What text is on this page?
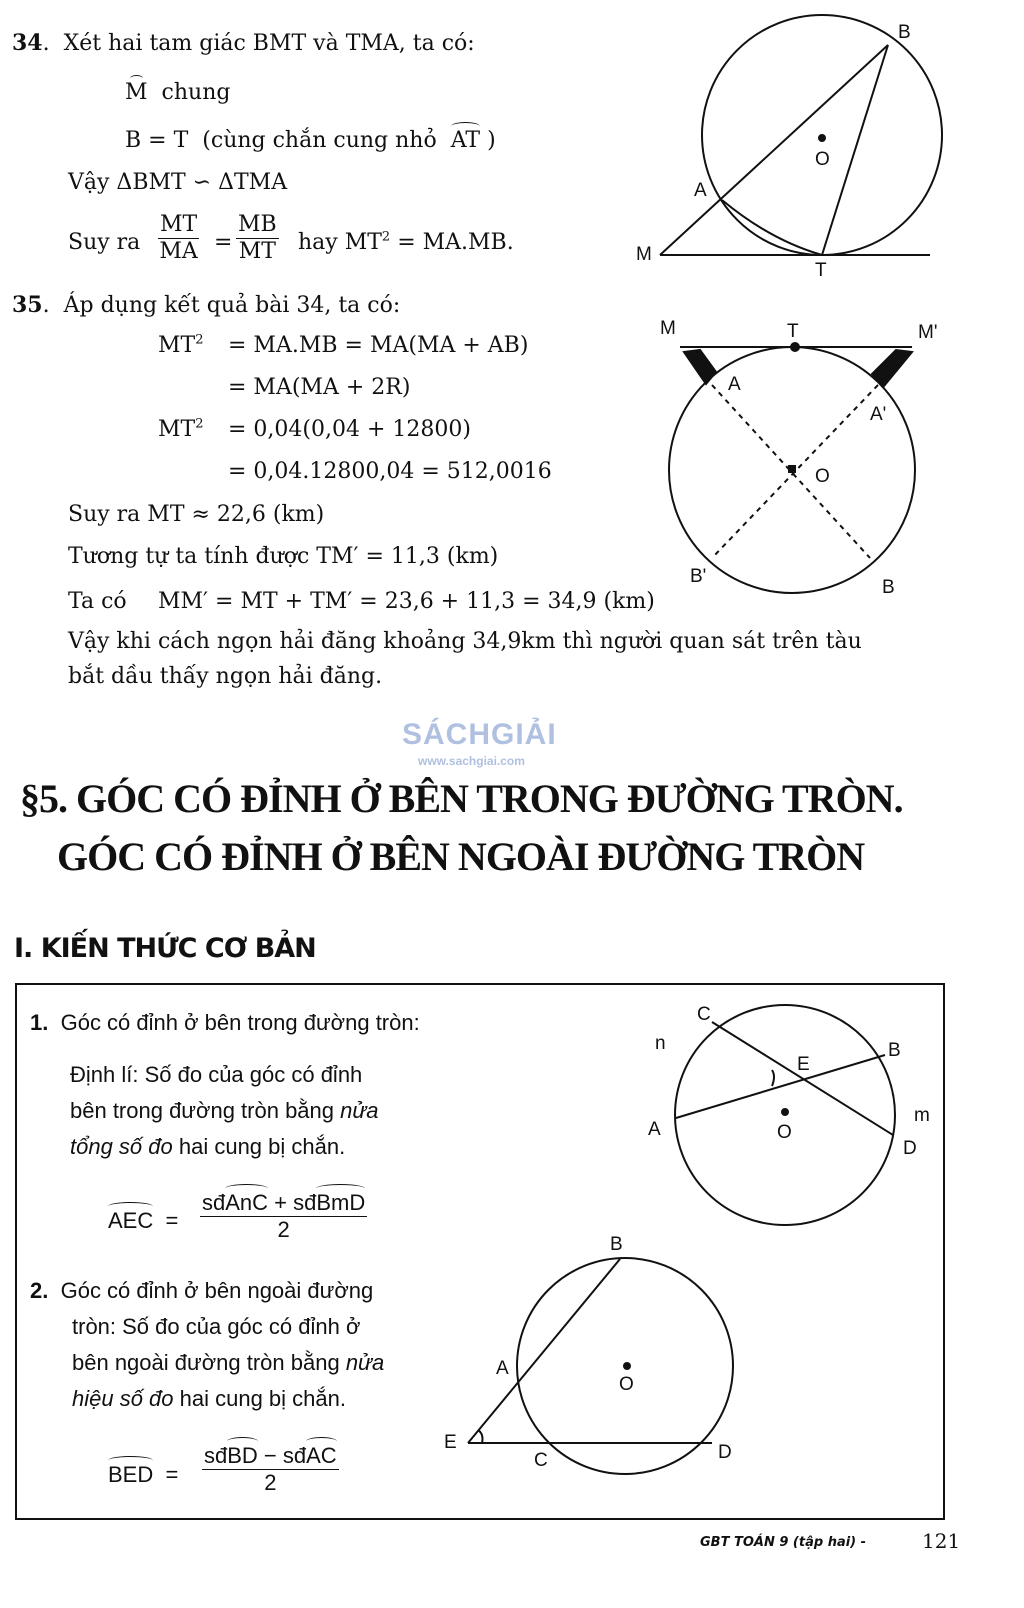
34.  Xét hai tam giác BMT và TMA, ta có:
M chung
B = T (cùng chắn cung nhỏ AT )
Vậy ΔBMT ∽ ΔTMA
Suy ra $\frac{MT}{MA} = \frac{MB}{MT}$ hay $MT^2 = MA.MB$.
35.  Áp dụng kết quả bài 34, ta có:
$MT^2 = MA.MB = MA(MA + AB)$
= MA(MA + 2R)
$MT^2 = 0,04(0,04 + 12800)$
= 0,04.12800,04 = 512,0016
Suy ra MT ≈ 22,6 (km)
Tương tự ta tính được TM′ = 11,3 (km)
Ta có MM′ = MT + TM′ = 23,6 + 11,3 = 34,9 (km)
Vậy khi cách ngọn hải đăng khoảng 34,9km thì người quan sát trên tàu
bắt dầu thấy ngọn hải đăng.
SÁCHGIẢI
www.sachgiai.com
§5. GÓC CÓ ĐỈNH Ở BÊN TRONG ĐƯỜNG TRÒN.
GÓC CÓ ĐỈNH Ở BÊN NGOÀI ĐƯỜNG TRÒN
I. KIẾN THỨC CƠ BẢN
1. Góc có đỉnh ở bên trong đường tròn:
Định lí: Số đo của góc có đỉnh
bên trong đường tròn bằng nửa
tổng số đo hai cung bị chắn.
AEC =
sđAnC + sđBmD
2
2. Góc có đỉnh ở bên ngoài đường
tròn: Số đo của góc có đỉnh ở
bên ngoài đường tròn bằng nửa
hiệu số đo hai cung bị chắn.
BED =
sđBD − sđAC
2
B
O
A
M
T
M	T	M'
A
A'
O
B'
B
C
n	B
E
A	O
m
D
B
A
O
E
C	D
GBT TOÁN 9 (tập hai) -	121
